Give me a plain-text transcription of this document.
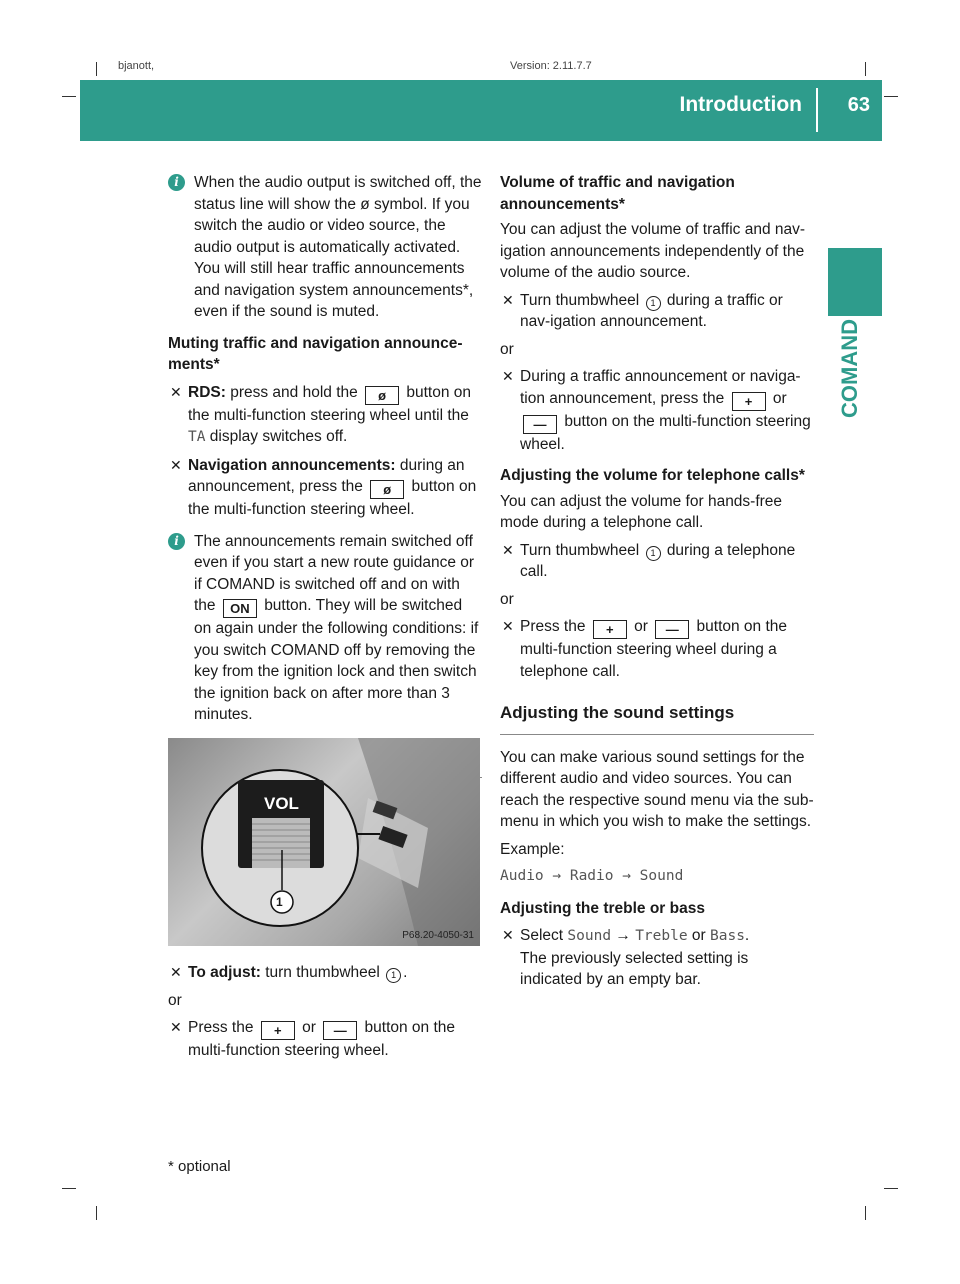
bjanott,	Version: 2.11.7.7
Introduction 63
COMAND

i When the audio output is switched off, the status line will show the ø symbol. If you switch the audio or video source, the audio output is automatically activated. You will still hear traffic announcements and navigation system announcements*, even if the sound is muted.

Muting traffic and navigation announce-ments*

✕ RDS: press and hold the ø button on the multi-function steering wheel until the TA display switches off.

✕ Navigation announcements: during an announcement, press the ø button on the multi-function steering wheel.

i The announcements remain switched off even if you start a new route guidance or if COMAND is switched off and on with the ON button. They will be switched on again under the following conditions: if you switch COMAND off by removing the key from the ignition lock and then switch the ignition back on after more than 3 minutes.

VOL
1
P68.20-4050-31

✕ To adjust: turn thumbwheel 1 .

or

✕ Press the + or — button on the multi-function steering wheel.

Volume of traffic and navigation announcements*

You can adjust the volume of traffic and nav-igation announcements independently of the volume of the audio source.

✕ Turn thumbwheel 1 during a traffic or nav-igation announcement.

or

✕ During a traffic announcement or naviga-tion announcement, press the + or — button on the multi-function steering wheel.

Adjusting the volume for telephone calls*

You can adjust the volume for hands-free mode during a telephone call.

✕ Turn thumbwheel 1 during a telephone call.

or

✕ Press the + or — button on the multi-function steering wheel during a telephone call.

Adjusting the sound settings

You can make various sound settings for the different audio and video sources. You can reach the respective sound menu via the sub-menu in which you wish to make the settings.

Example:

Audio → Radio → Sound

Adjusting the treble or bass

✕ Select Sound → Treble or Bass.
The previously selected setting is indicated by an empty bar.

* optional
